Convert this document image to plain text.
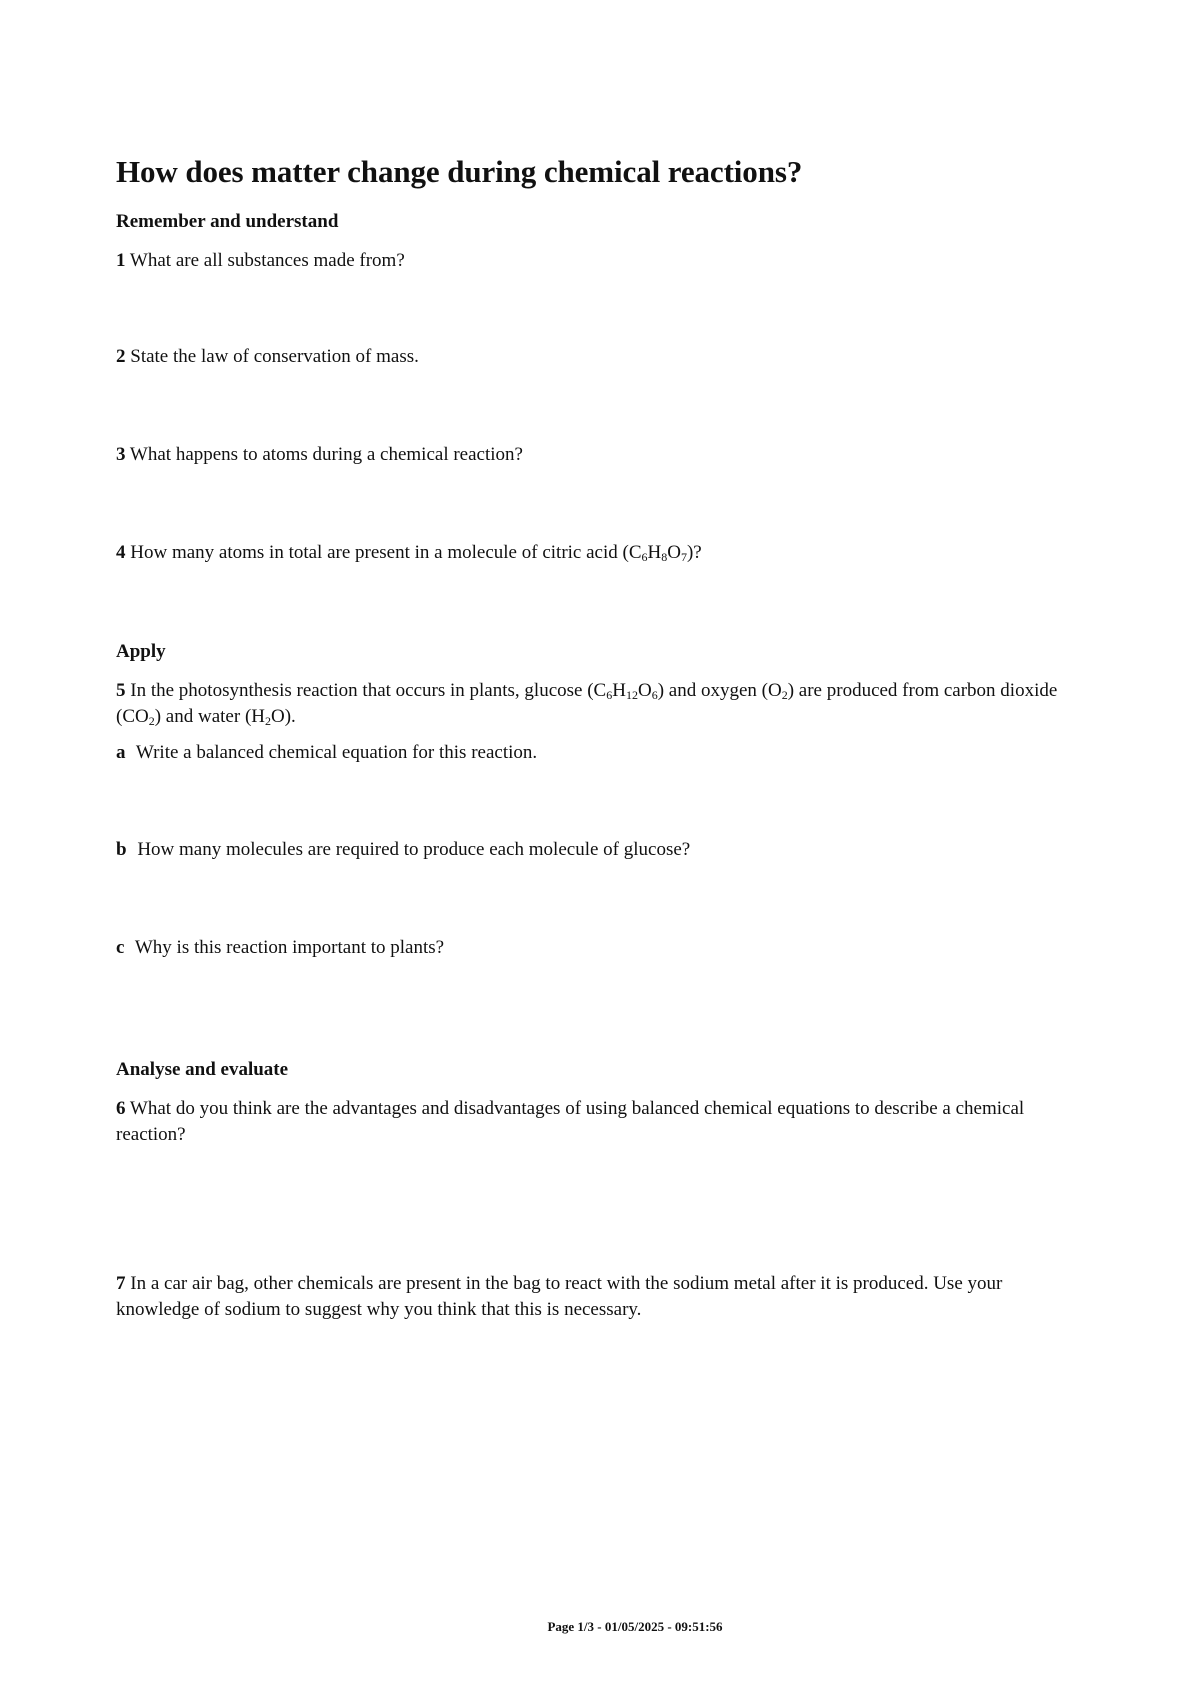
How does matter change during chemical reactions?
Remember and understand
1 What are all substances made from?
2 State the law of conservation of mass.
3 What happens to atoms during a chemical reaction?
4 How many atoms in total are present in a molecule of citric acid $(C_6H_8O_7)$?
Apply
5 In the photosynthesis reaction that occurs in plants, glucose $(C_6H_{12}O_6)$ and oxygen $(O_2)$ are produced from carbon dioxide $(CO_2)$ and water $(H_2O)$.
a Write a balanced chemical equation for this reaction.
b How many molecules are required to produce each molecule of glucose?
c Why is this reaction important to plants?
Analyse and evaluate
6 What do you think are the advantages and disadvantages of using balanced chemical equations to describe a chemical reaction?
7 In a car air bag, other chemicals are present in the bag to react with the sodium metal after it is produced. Use your knowledge of sodium to suggest why you think that this is necessary.
Page 1/3 - 01/05/2025 - 09:51:56
